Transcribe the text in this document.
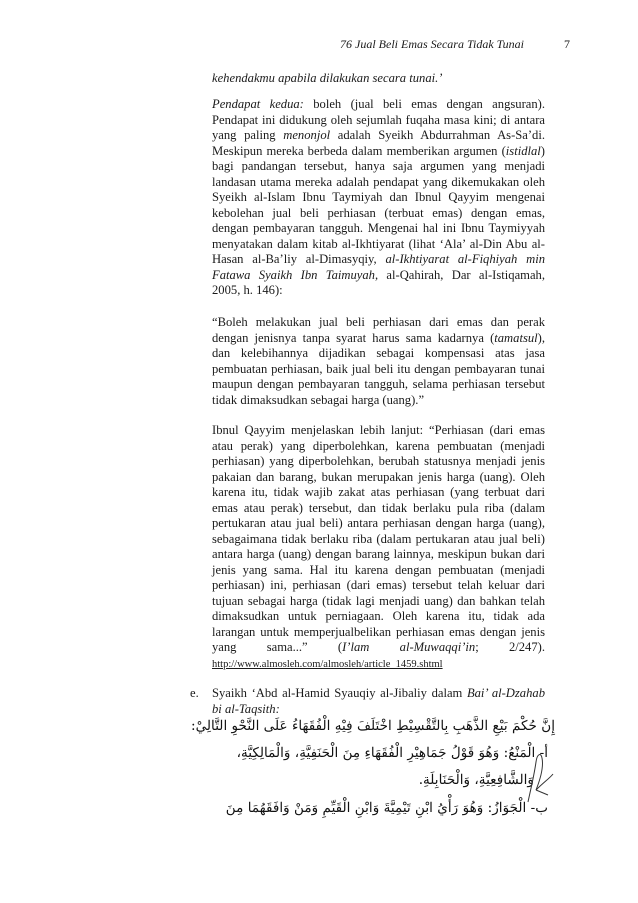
76 Jual Beli Emas Secara Tidak Tunai	7

kehendakmu apabila dilakukan secara tunai.’

Pendapat kedua: boleh (jual beli emas dengan angsuran). Pendapat ini didukung oleh sejumlah fuqaha masa kini; di antara yang paling menonjol adalah Syeikh Abdurrahman As-Sa’di. Meskipun mereka berbeda dalam memberikan argumen (istidlal) bagi pandangan tersebut, hanya saja argumen yang menjadi landasan utama mereka adalah pendapat yang dikemukakan oleh Syeikh al-Islam Ibnu Taymiyah dan Ibnul Qayyim mengenai kebolehan jual beli perhiasan (terbuat emas) dengan emas, dengan pembayaran tangguh. Mengenai hal ini Ibnu Taymiyyah menyatakan dalam kitab al-Ikhtiyarat (lihat ‘Ala’ al-Din Abu al-Hasan al-Ba’liy al-Dimasyqiy, al-Ikhtiyarat al-Fiqhiyah min Fatawa Syaikh Ibn Taimuyah, al-Qahirah, Dar al-Istiqamah, 2005, h. 146):

“Boleh melakukan jual beli perhiasan dari emas dan perak dengan jenisnya tanpa syarat harus sama kadarnya (tamatsul), dan kelebihannya dijadikan sebagai kompensasi atas jasa pembuatan perhiasan, baik jual beli itu dengan pembayaran tunai maupun dengan pembayaran tangguh, selama perhiasan tersebut tidak dimaksudkan sebagai harga (uang).”

Ibnul Qayyim menjelaskan lebih lanjut: “Perhiasan (dari emas atau perak) yang diperbolehkan, karena pembuatan (menjadi perhiasan) yang diperbolehkan, berubah statusnya menjadi jenis pakaian dan barang, bukan merupakan jenis harga (uang). Oleh karena itu, tidak wajib zakat atas perhiasan (yang terbuat dari emas atau perak) tersebut, dan tidak berlaku pula riba (dalam pertukaran atau jual beli) antara perhiasan dengan harga (uang), sebagaimana tidak berlaku riba (dalam pertukaran atau jual beli) antara harga (uang) dengan barang lainnya, meskipun bukan dari jenis yang sama. Hal itu karena dengan pembuatan (menjadi perhiasan) ini, perhiasan (dari emas) tersebut telah keluar dari tujuan sebagai harga (tidak lagi menjadi uang) dan bahkan telah dimaksudkan untuk perniagaan. Oleh karena itu, tidak ada larangan untuk memperjualbelikan perhiasan emas dengan jenis yang sama...” (I’lam al-Muwaqqi’in; 2/247). http://www.almosleh.com/almosleh/article_1459.shtml

e. Syaikh ‘Abd al-Hamid Syauqiy al-Jibaliy dalam Bai’ al-Dzahab bi al-Taqsith:

إِنَّ حُكْمَ بَيْعِ الذَّهَبِ بِالتَّقْسِيْطِ اخْتَلَفَ فِيْهِ الْفُقَهَاءُ عَلَى النَّحْوِ التَّالِيْ:
أ- الْمَنْعُ: وَهُوَ قَوْلُ جَمَاهِيْرِ الْفُقَهَاءِ مِنَ الْحَنَفِيَّةِ، وَالْمَالِكِيَّةِ،
وَالشَّافِعِيَّةِ، وَالْحَنَابِلَةِ.
ب- الْجَوَازُ: وَهُوَ رَأْيُ ابْنِ تَيْمِيَّةَ وَابْنِ الْقَيِّمِ وَمَنْ وَافَقَهُمَا مِنَ
